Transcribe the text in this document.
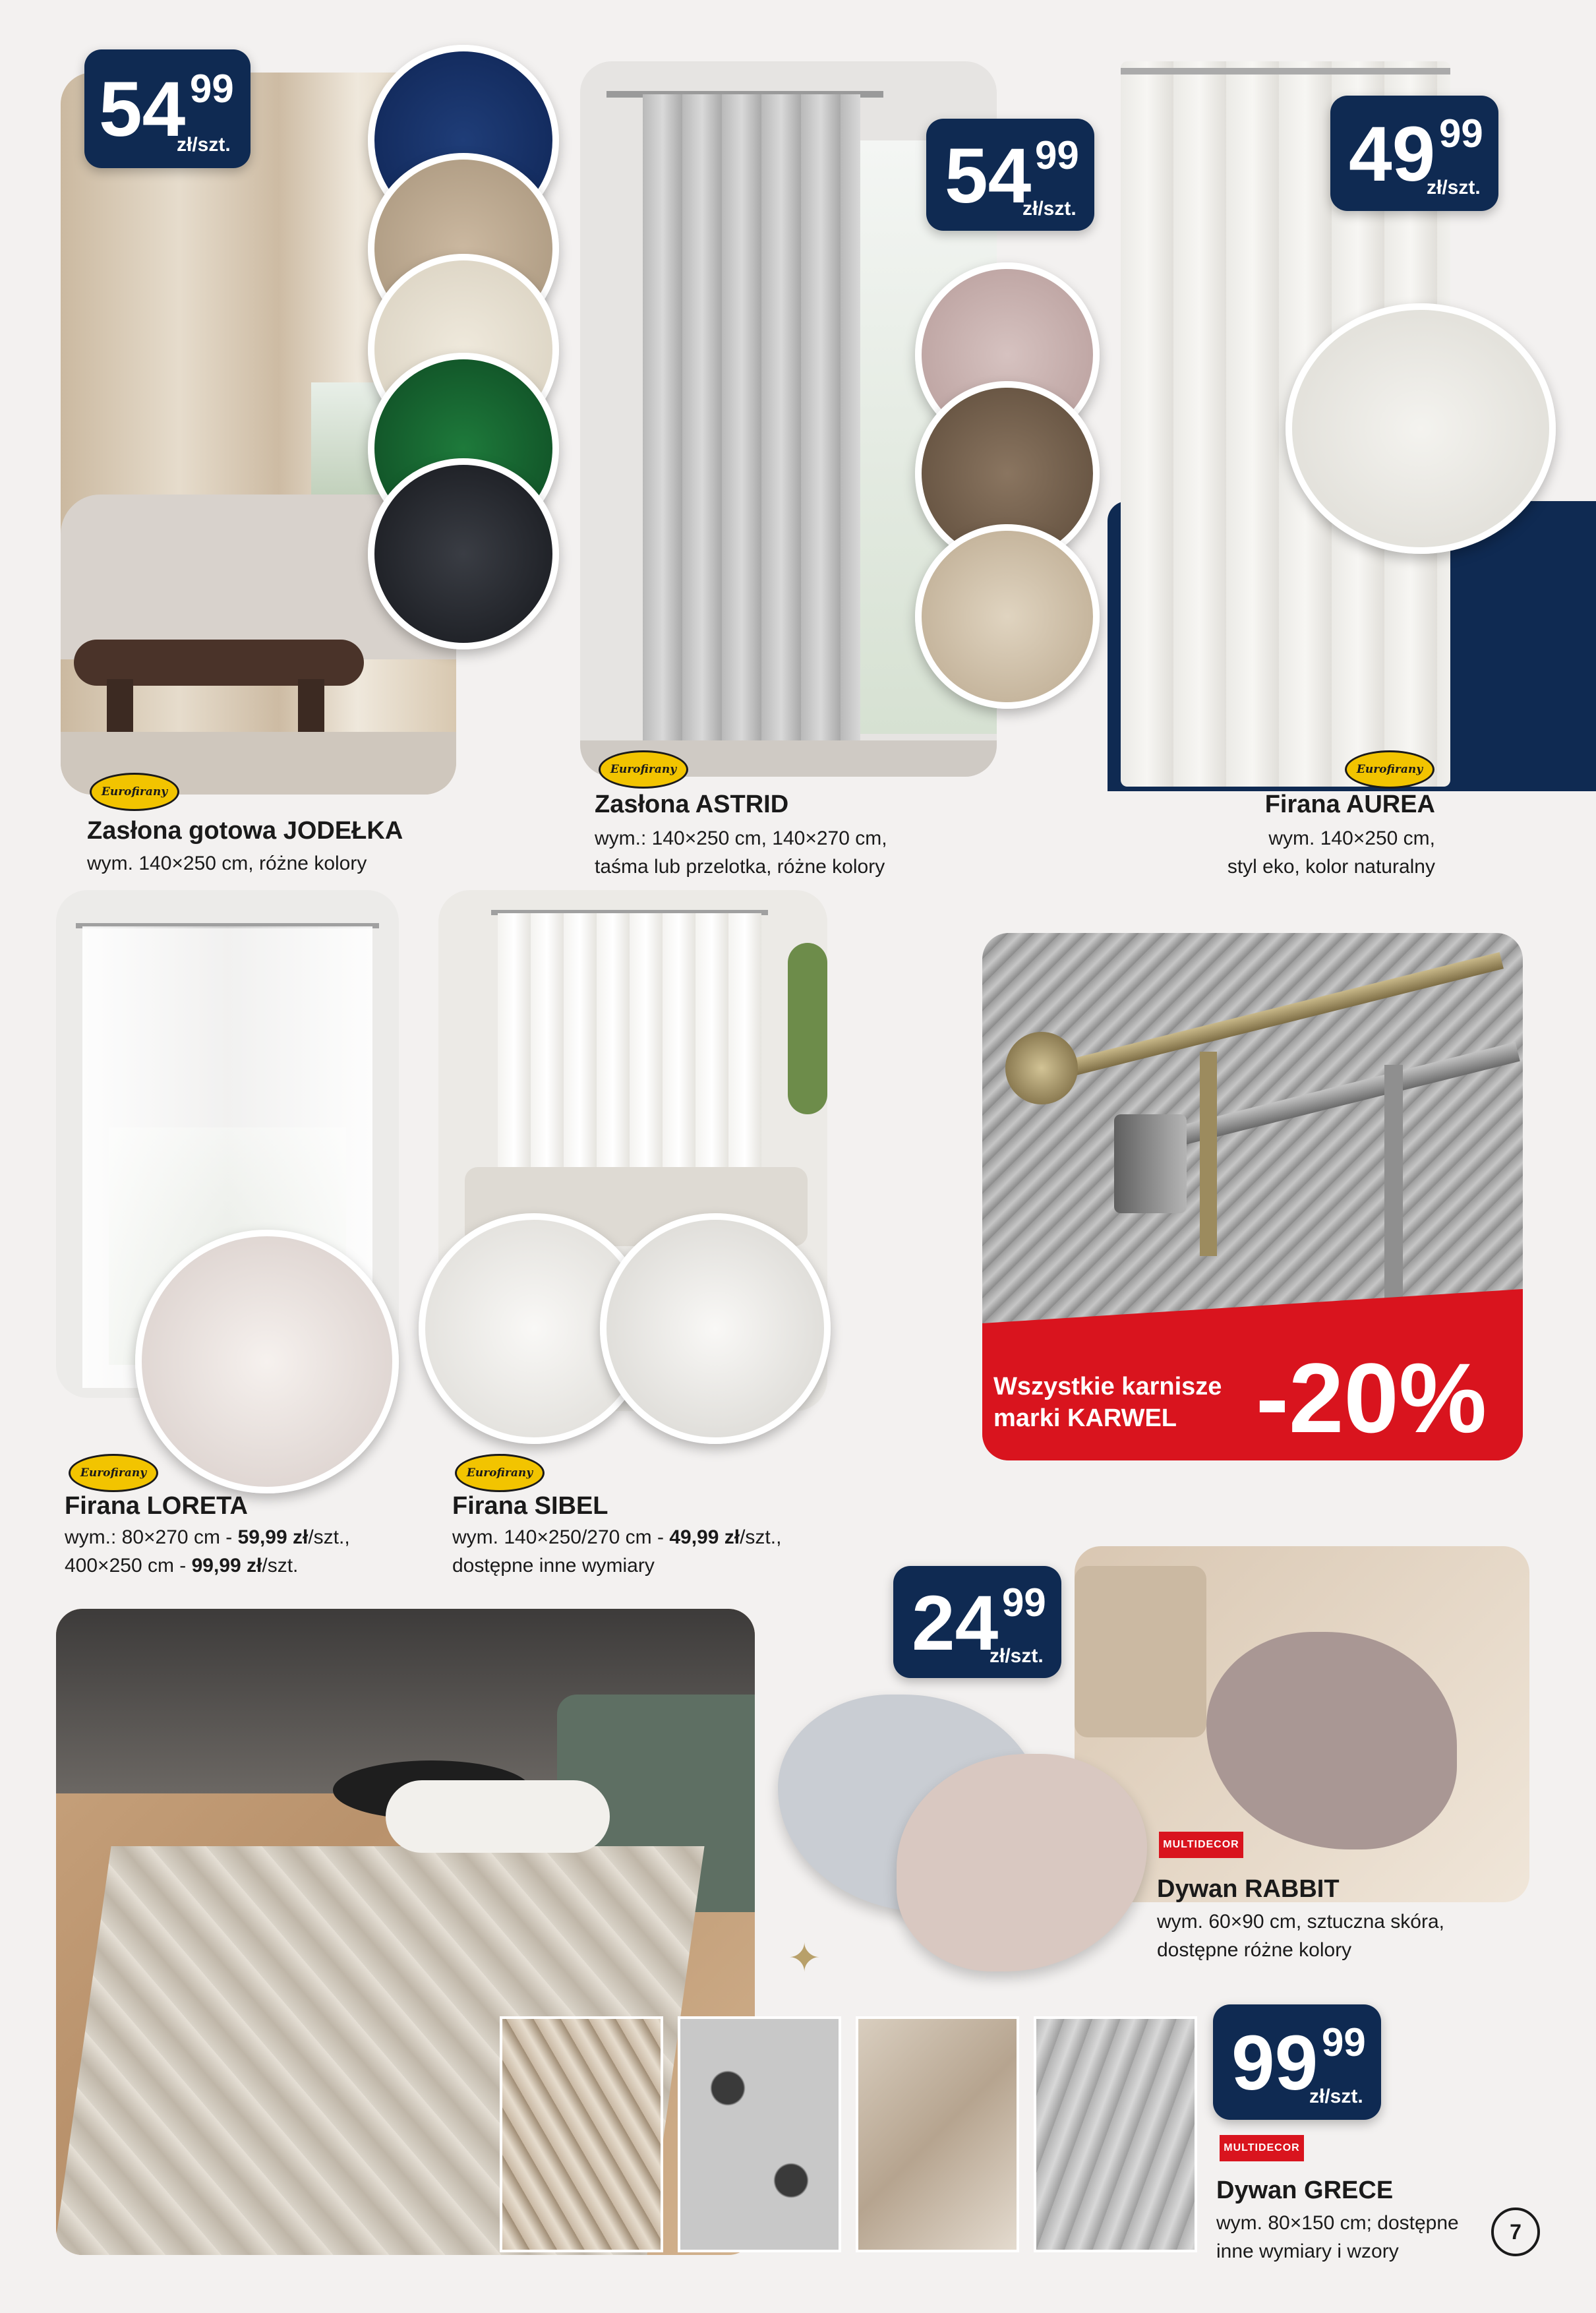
54 99
zł/szt.
Eurofirany
Zasłona gotowa JODEŁKA
wym. 140×250 cm, różne kolory
54 99
zł/szt.
Eurofirany
Zasłona ASTRID
wym.: 140×250 cm, 140×270 cm,
taśma lub przelotka, różne kolory
49 99
zł/szt.
Eurofirany
Firana AUREA
wym. 140×250 cm,
styl eko, kolor naturalny
Eurofirany
Firana LORETA
wym.: 80×270 cm - 59,99 zł/szt.,
400×250 cm - 99,99 zł/szt.
Eurofirany
Firana SIBEL
wym. 140×250/270 cm - 49,99 zł/szt.,
dostępne inne wymiary
Wszystkie karnisze
marki KARWEL -20%
24 99
zł/szt.
MULTIDECOR
Dywan RABBIT
wym. 60×90 cm, sztuczna skóra,
dostępne różne kolory
99 99
zł/szt.
MULTIDECOR
Dywan GRECE
wym. 80×150 cm; dostępne
inne wymiary i wzory
✦
7
